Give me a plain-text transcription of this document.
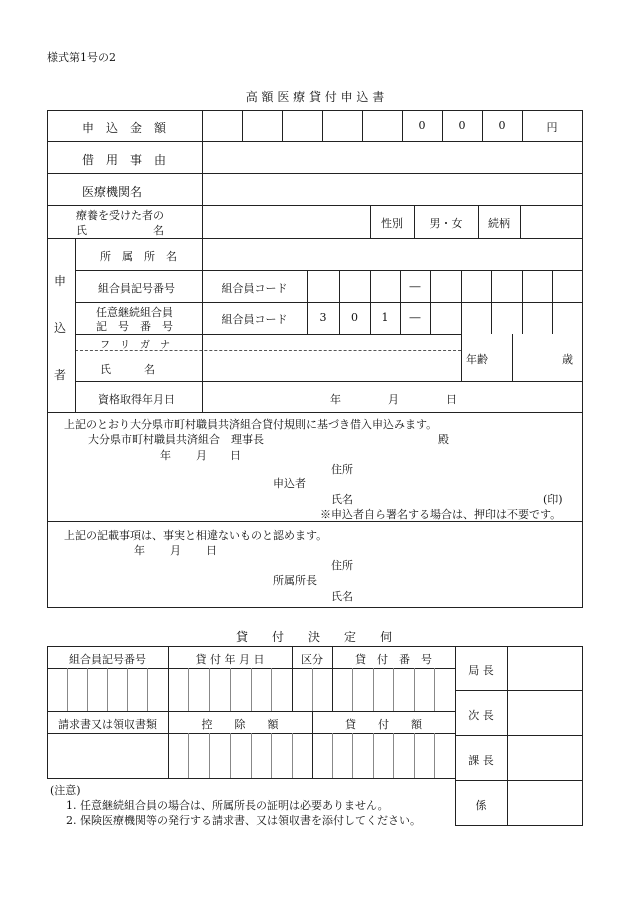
様式第1号の2
高 額 医 療 貸 付 申 込 書
申　込　金　額	0	0	0	円
借　用　事　由
医療機関名
療養を受けた者の
氏　　　　　　名
性別	男・女	続柄
申
込
者
所　属　所　名
組合員記号番号	組合員コード	―
任意継続組合員
記　号　番　号
組合員コード	3	0	1	―
フ　リ　ガ　ナ
氏　　　名
年齢	歳
資格取得年月日	年	月	日
上記のとおり大分県市町村職員共済組合貸付規則に基づき借入申込みます。
大分県市町村職員共済組合　理事長	殿
年 月 日
住所
申込者
氏名	(印)
※申込者自ら署名する場合は、押印は不要です。
上記の記載事項は、事実と相違ないものと認めます。
年 月 日
住所
所属所長
氏名
貸　　付　　決　　定　　伺
組合員記号番号	貸 付 年 月 日	区分	貸　付　番　号
請求書又は領収書類	控　　除　　額	貸　　付　　額
局 長
次 長
課 長
係
(注意)
1. 任意継続組合員の場合は、所属所長の証明は必要ありません。
2. 保険医療機関等の発行する請求書、又は領収書を添付してください。
